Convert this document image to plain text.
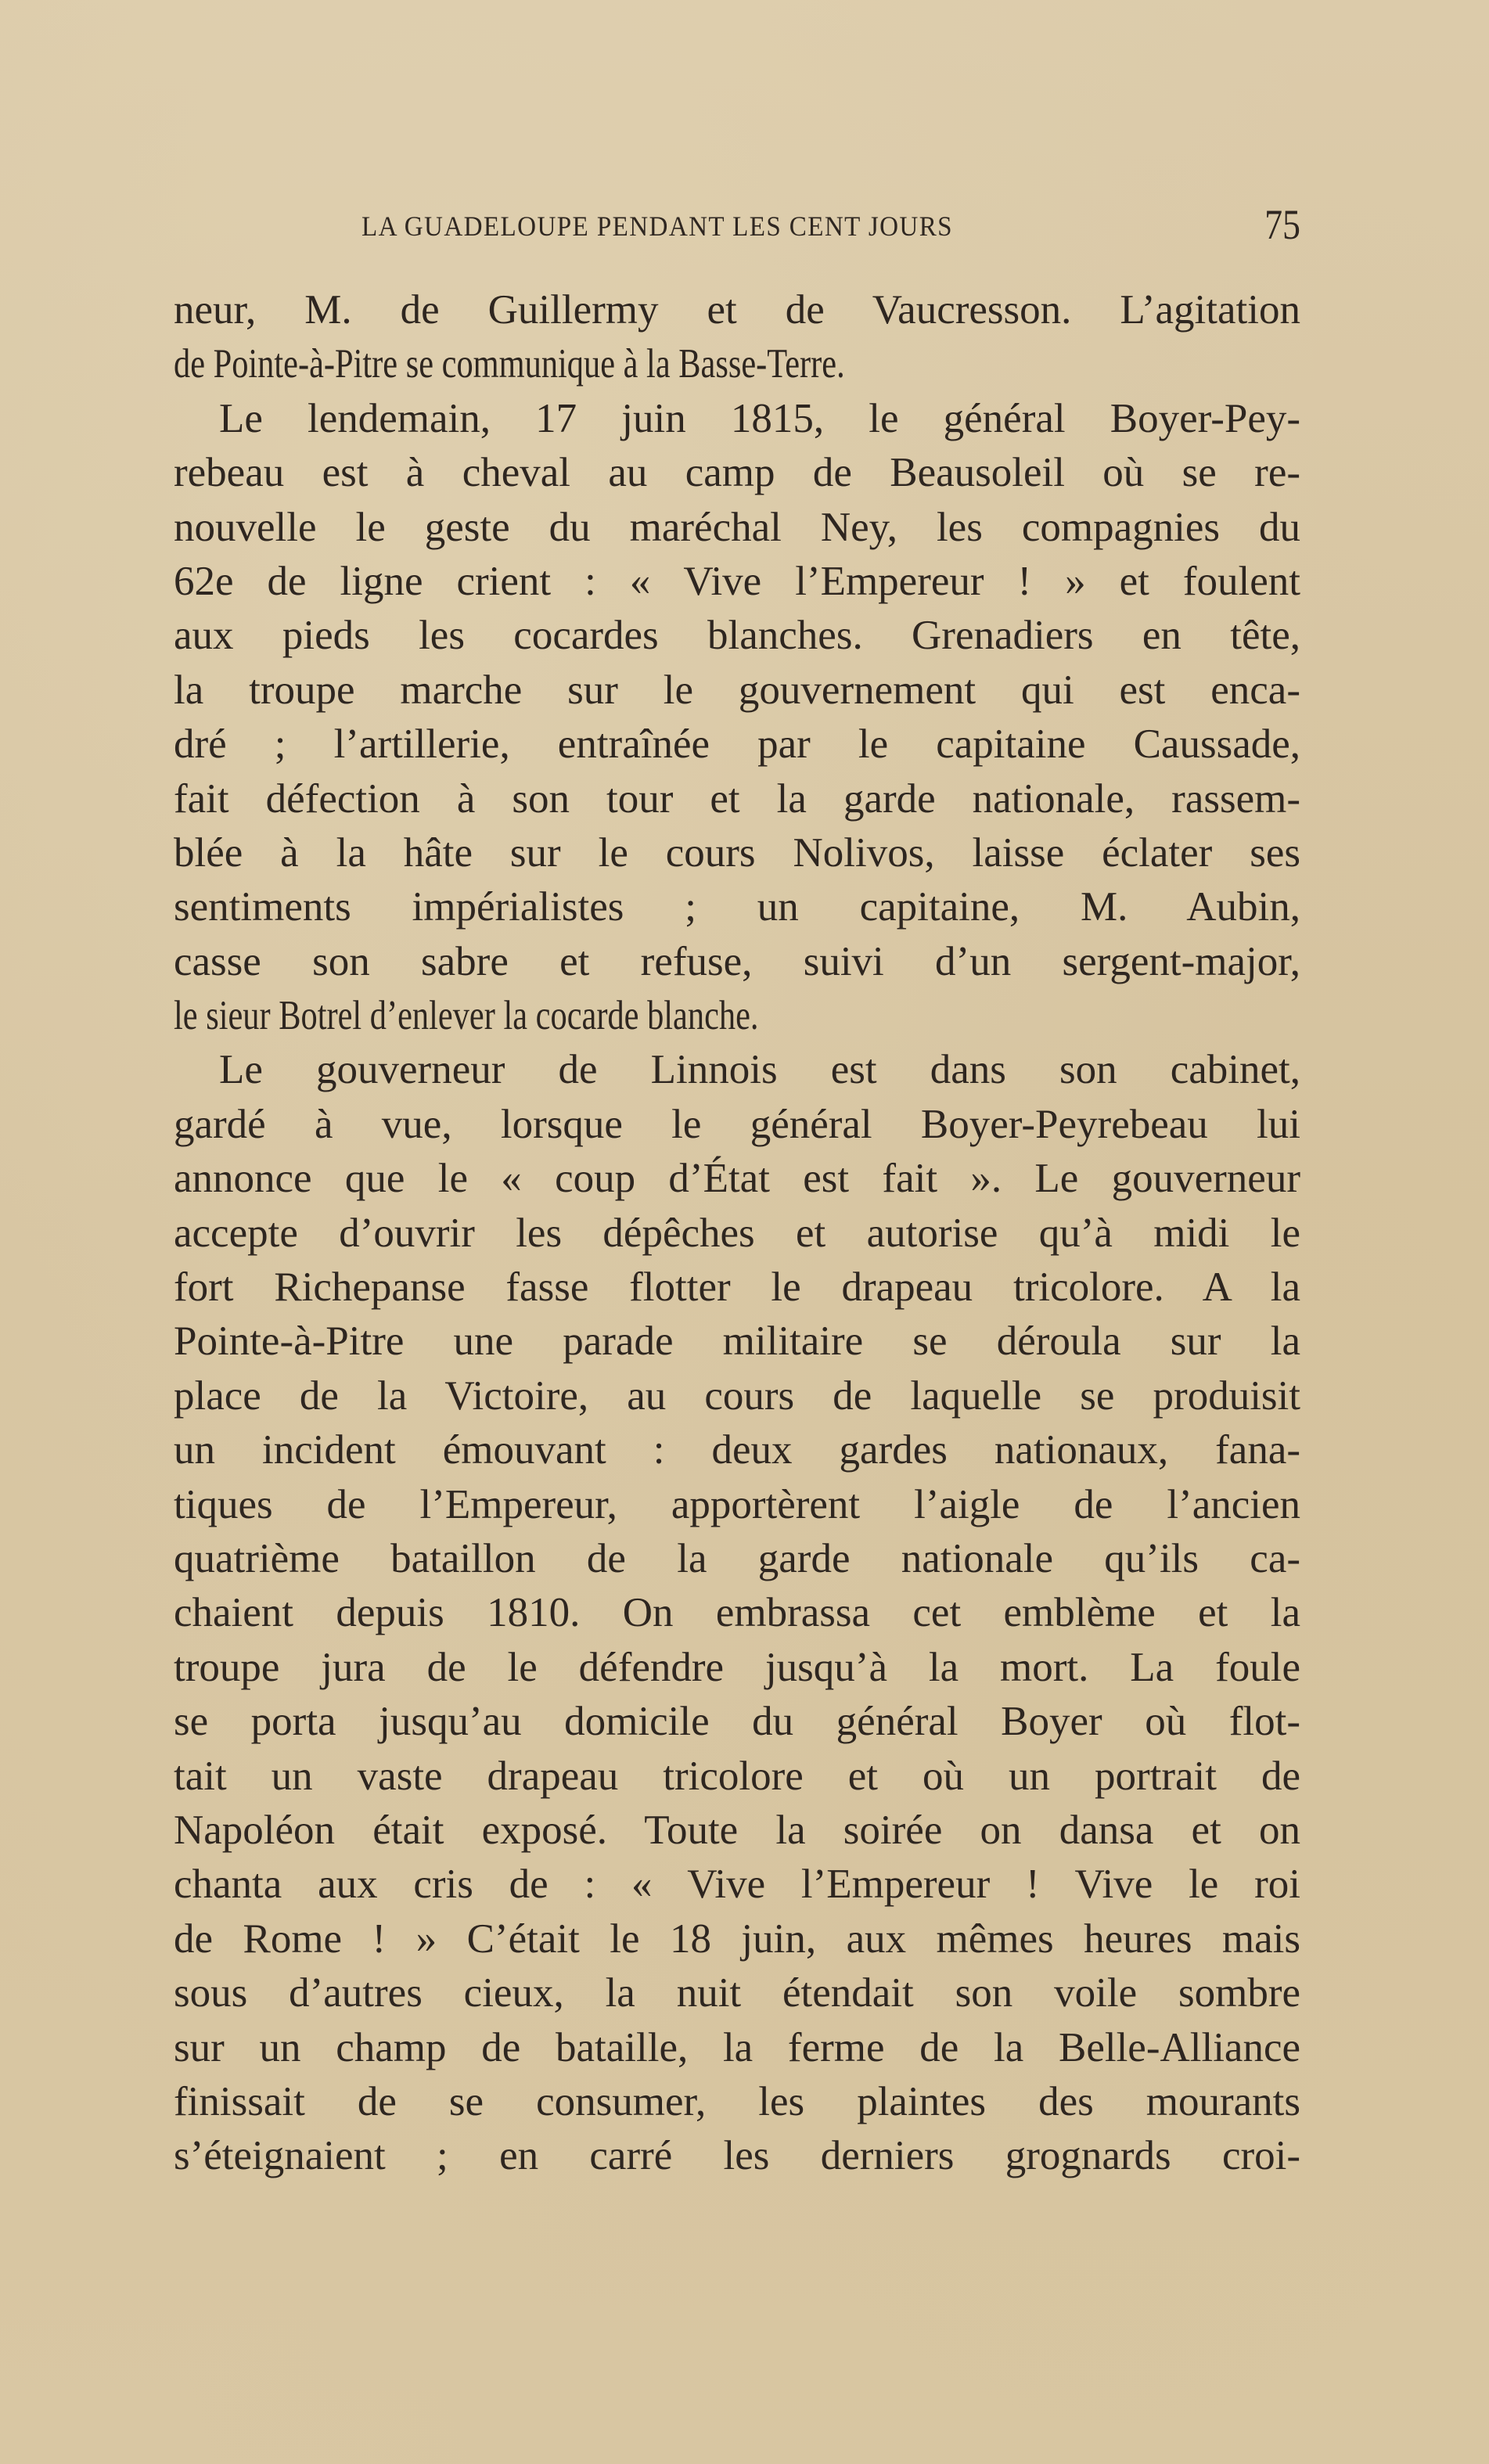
LA GUADELOUPE PENDANT LES CENT JOURS	75
neur, M. de Guillermy et de Vaucresson. L’agitation
de Pointe-à-Pitre se communique à la Basse-Terre.
Le lendemain, 17 juin 1815, le général Boyer-Pey-
rebeau est à cheval au camp de Beausoleil où se re-
nouvelle le geste du maréchal Ney, les compagnies du
62e de ligne crient : « Vive l’Empereur ! » et foulent
aux pieds les cocardes blanches. Grenadiers en tête,
la troupe marche sur le gouvernement qui est enca-
dré ; l’artillerie, entraînée par le capitaine Caussade,
fait défection à son tour et la garde nationale, rassem-
blée à la hâte sur le cours Nolivos, laisse éclater ses
sentiments impérialistes ; un capitaine, M. Aubin,
casse son sabre et refuse, suivi d’un sergent-major,
le sieur Botrel d’enlever la cocarde blanche.
Le gouverneur de Linnois est dans son cabinet,
gardé à vue, lorsque le général Boyer-Peyrebeau lui
annonce que le « coup d’État est fait ». Le gouverneur
accepte d’ouvrir les dépêches et autorise qu’à midi le
fort Richepanse fasse flotter le drapeau tricolore. A la
Pointe-à-Pitre une parade militaire se déroula sur la
place de la Victoire, au cours de laquelle se produisit
un incident émouvant : deux gardes nationaux, fana-
tiques de l’Empereur, apportèrent l’aigle de l’ancien
quatrième bataillon de la garde nationale qu’ils ca-
chaient depuis 1810. On embrassa cet emblème et la
troupe jura de le défendre jusqu’à la mort. La foule
se porta jusqu’au domicile du général Boyer où flot-
tait un vaste drapeau tricolore et où un portrait de
Napoléon était exposé. Toute la soirée on dansa et on
chanta aux cris de : « Vive l’Empereur ! Vive le roi
de Rome ! » C’était le 18 juin, aux mêmes heures mais
sous d’autres cieux, la nuit étendait son voile sombre
sur un champ de bataille, la ferme de la Belle-Alliance
finissait de se consumer, les plaintes des mourants
s’éteignaient ; en carré les derniers grognards croi-
